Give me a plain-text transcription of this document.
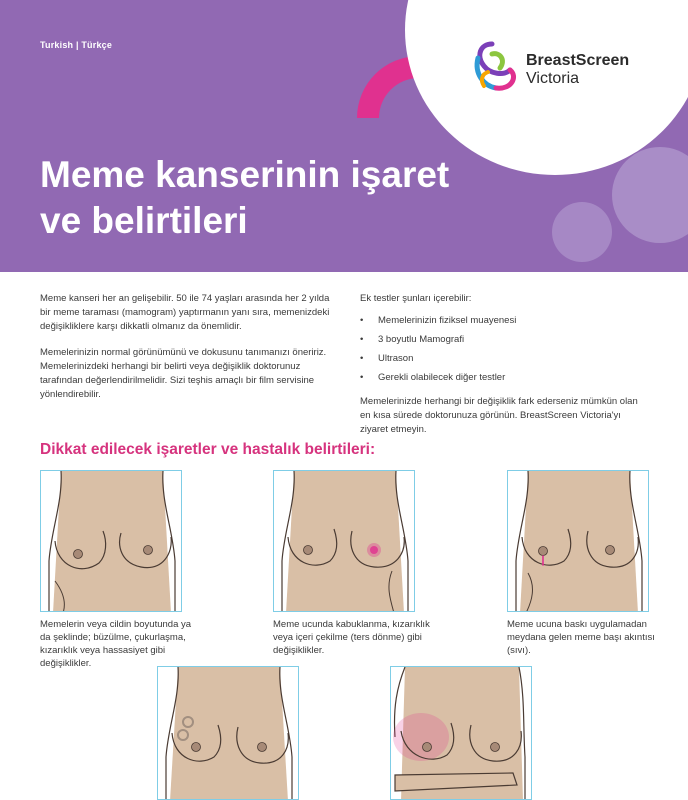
Turkish | Türkçe
Meme kanserinin işaret
ve belirtileri
BreastScreen
Victoria

Meme kanseri her an gelişebilir. 50 ile 74 yaşları arasında her 2 yılda bir meme taraması (mamogram) yaptırmanın yanı sıra, memenizdeki değişikliklere karşı dikkatli olmanız da önemlidir.

Memelerinizin normal görünümünü ve dokusunu tanımanızı öneririz. Memelerinizdeki herhangi bir belirti veya değişiklik doktorunuz tarafından değerlendirilmelidir. Sizi teşhis amaçlı bir film servisine yönlendirebilir.

Ek testler şunları içerebilir:

• Memelerinizin fiziksel muayenesi
• 3 boyutlu Mamografi
• Ultrason
• Gerekli olabilecek diğer testler

Memelerinizde herhangi bir değişiklik fark ederseniz mümkün olan en kısa sürede doktorunuza görünün. BreastScreen Victoria'yı ziyaret etmeyin.

Dikkat edilecek işaretler ve hastalık belirtileri:
Memelerin veya cildin boyutunda ya da şeklinde; büzülme, çukurlaşma, kızarıklık veya hassasiyet gibi değişiklikler.
Meme ucunda kabuklanma, kızarıklık veya içeri çekilme (ters dönme) gibi değişiklikler.
Meme ucuna baskı uygulamadan meydana gelen meme başı akıntısı (sıvı).
